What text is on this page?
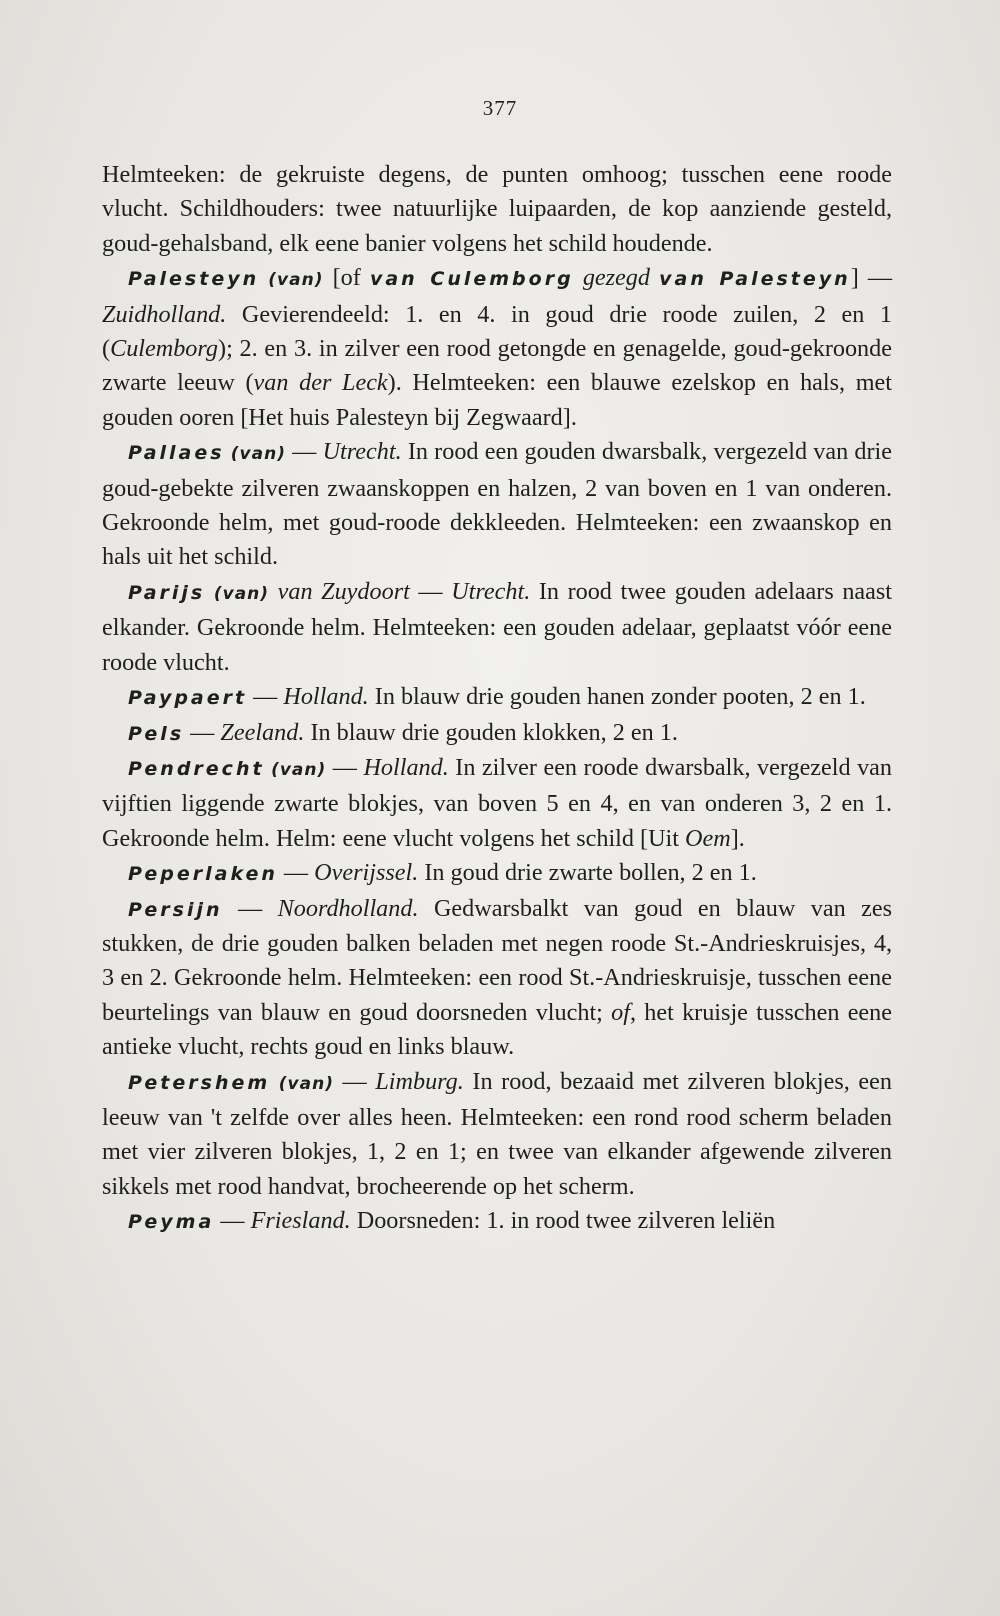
377

Helmteeken: de gekruiste degens, de punten omhoog; tusschen eene roode vlucht. Schildhouders: twee natuurlijke luipaarden, de kop aanziende gesteld, goud-gehalsband, elk eene banier volgens het schild houdende.

Palesteyn (van) [of van Culemborg gezegd van Palesteyn] — Zuidholland. Gevierendeeld: 1. en 4. in goud drie roode zuilen, 2 en 1 (Culemborg); 2. en 3. in zilver een rood getongde en genagelde, goud-gekroonde zwarte leeuw (van der Leck). Helmteeken: een blauwe ezelskop en hals, met gouden ooren [Het huis Palesteyn bij Zegwaard].

Pallaes (van) — Utrecht. In rood een gouden dwarsbalk, vergezeld van drie goud-gebekte zilveren zwaanskoppen en halzen, 2 van boven en 1 van onderen. Gekroonde helm, met goud-roode dekkleeden. Helmteeken: een zwaanskop en hals uit het schild.

Parijs (van) van Zuydoort — Utrecht. In rood twee gouden adelaars naast elkander. Gekroonde helm. Helmteeken: een gouden adelaar, geplaatst vóór eene roode vlucht.

Paypaert — Holland. In blauw drie gouden hanen zonder pooten, 2 en 1.

Pels — Zeeland. In blauw drie gouden klokken, 2 en 1.

Pendrecht (van) — Holland. In zilver een roode dwarsbalk, vergezeld van vijftien liggende zwarte blokjes, van boven 5 en 4, en van onderen 3, 2 en 1. Gekroonde helm. Helm: eene vlucht volgens het schild [Uit Oem].

Peperlaken — Overijssel. In goud drie zwarte bollen, 2 en 1.

Persijn — Noordholland. Gedwarsbalkt van goud en blauw van zes stukken, de drie gouden balken beladen met negen roode St.-Andrieskruisjes, 4, 3 en 2. Gekroonde helm. Helmteeken: een rood St.-Andrieskruisje, tusschen eene beurtelings van blauw en goud doorsneden vlucht; of, het kruisje tusschen eene antieke vlucht, rechts goud en links blauw.

Petershem (van) — Limburg. In rood, bezaaid met zilveren blokjes, een leeuw van 't zelfde over alles heen. Helmteeken: een rond rood scherm beladen met vier zilveren blokjes, 1, 2 en 1; en twee van elkander afgewende zilveren sikkels met rood handvat, brocheerende op het scherm.

Peyma — Friesland. Doorsneden: 1. in rood twee zilveren leliën
